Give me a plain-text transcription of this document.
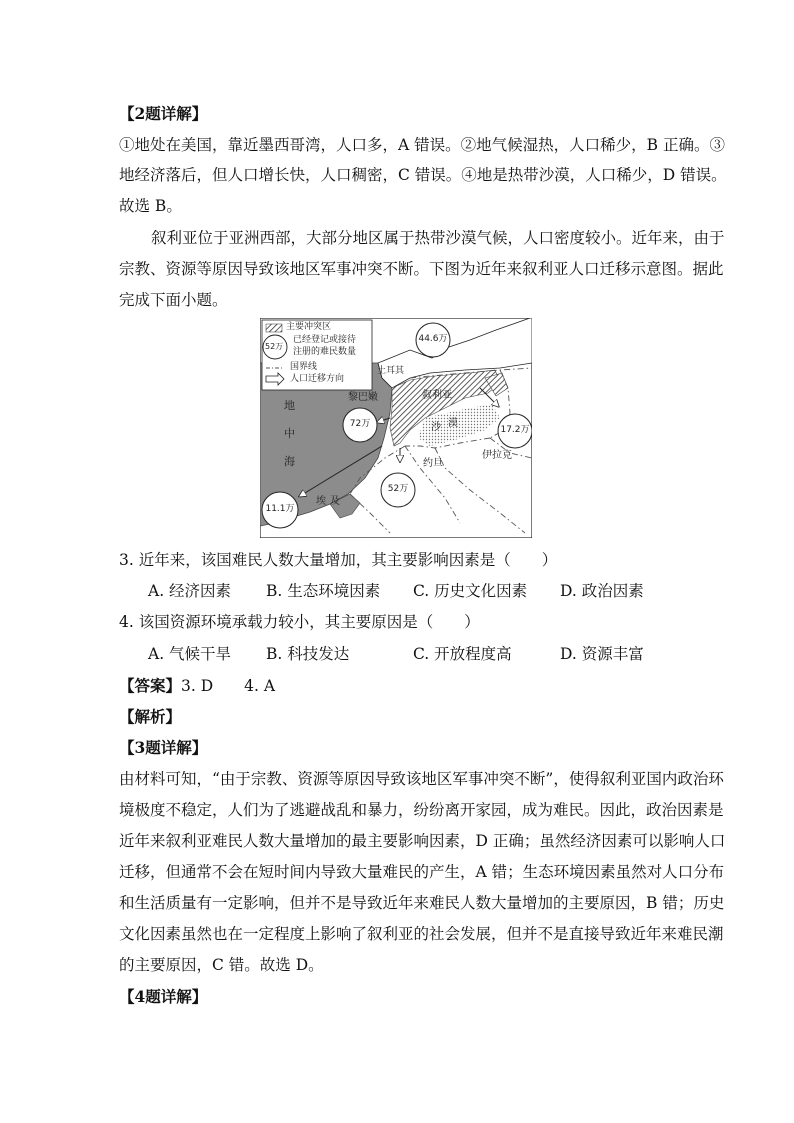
【2题详解】
①地处在美国，靠近墨西哥湾，人口多，A 错误。②地气候湿热，人口稀少，B 正确。③
地经济落后，但人口增长快，人口稠密，C 错误。④地是热带沙漠，人口稀少，D 错误。
故选 B。
叙利亚位于亚洲西部，大部分地区属于热带沙漠气候，人口密度较小。近年来，由于
宗教、资源等原因导致该地区军事冲突不断。下图为近年来叙利亚人口迁移示意图。据此
完成下面小题。
主要冲突区
已经登记或接待
注册的难民数量
52万
国界线
人口迁移方向
土耳其
黎巴嫩	叙利亚
伊拉克
约旦
埃及
地
中
海
沙 漠
44.6万
72万
17.2万
52万
11.1万
3. 近年来，该国难民人数大量增加，其主要影响因素是（　　）
A. 经济因素 B. 生态环境因素 C. 历史文化因素 D. 政治因素
4. 该国资源环境承载力较小，其主要原因是（　　）
A. 气候干旱 B. 科技发达	C. 开放程度高	D. 资源丰富
【答案】3. D　　4. A
【解析】
【3题详解】
由材料可知，“由于宗教、资源等原因导致该地区军事冲突不断”，使得叙利亚国内政治环
境极度不稳定，人们为了逃避战乱和暴力，纷纷离开家园，成为难民。因此，政治因素是
近年来叙利亚难民人数大量增加的最主要影响因素，D 正确；虽然经济因素可以影响人口
迁移，但通常不会在短时间内导致大量难民的产生，A 错；生态环境因素虽然对人口分布
和生活质量有一定影响，但并不是导致近年来难民人数大量增加的主要原因，B 错；历史
文化因素虽然也在一定程度上影响了叙利亚的社会发展，但并不是直接导致近年来难民潮
的主要原因，C 错。故选 D。
【4题详解】
